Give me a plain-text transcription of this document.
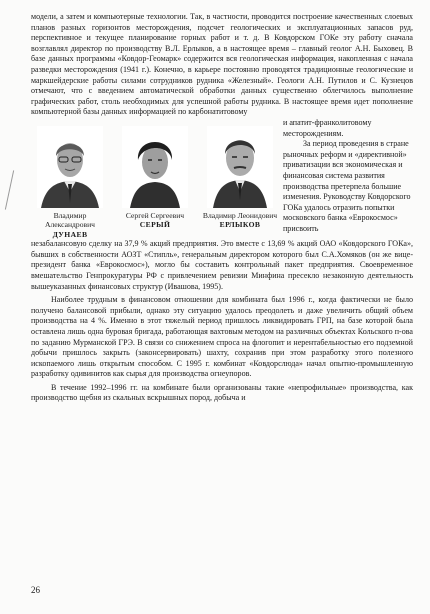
модели, а затем и компьютерные технологии. Так, в частности, проводится построение качественных слоевых планов разных горизонтов месторождения, подсчет геологических и эксплуатационных запасов руд, перспективное и текущее планирование горных работ и т. д. В Ковдорском ГОКе эту работу сначала возглавлял директор по производству В.Л. Ерлыков, а в настоящее время – главный геолог А.Н. Быховец. В базе данных программы «Ковдор-Геомарк» содержится вся геологическая информация, накопленная с начала разведки месторождения (1941 г.). Конечно, в карьере постоянно проводятся традиционные геологические и маркшейдерские работы силами сотрудников рудника «Железный». Геологи А.Н. Путилов и С. Кузнецов отмечают, что с введением автоматической обработки данных существенно облегчилось выполнение графических работ, столь необходимых для успешной работы рудника. В настоящее время идет пополнение компьютерной базы данных информацией по карбонатитовому

Владимир Александрович
ДУНАЕВ
Сергей Сергеевич
СЕРЫЙ
Владимир Леонидович
ЕРЛЫКОВ

и апатит-франколитовому месторождениям.

За период проведения в стране рыночных реформ и «директивной» приватизации вся экономическая и финансовая система развития производства претерпела большие изменения. Руководству Ковдорского ГОКа удалось отразить попытки московского банка «Еврокосмос» присвоить

незабалансовую сделку на 37,9 % акций предприятия. Это вместе с 13,69 % акций ОАО «Ковдорского ГОКа», бывших в собственности АОЗТ «Стипль», генеральным директором которого был С.А.Хомяков (он же вице-президент банка «Еврокосмос»), могло бы составить контрольный пакет предприятия. Своевременное вмешательство Генпрокуратуры РФ с привлечением ревизии Минфина пресекло незаконную деятельность вышеуказанных финансовых структур (Ивашова, 1995).

Наиболее трудным в финансовом отношении для комбината был 1996 г., когда фактически не было получено балансовой прибыли, однако эту ситуацию удалось преодолеть и даже увеличить общий объем производства на 4 %. Именно в этот тяжелый период пришлось ликвидировать ГРП, на базе которой была оставлена лишь одна буровая бригада, работающая вахтовым методом на различных объектах Кольского п-ова по заданию Мурманской ГРЭ. В связи со снижением спроса на флогопит и нерентабельностью его подземной добычи пришлось закрыть (законсервировать) шахту, сохранив при этом разработку этого полезного ископаемого лишь открытым способом. С 1995 г. комбинат «Ковдорслюда» начал опытно-промышленную разработку одивинитов как сырья для производства огнеупоров.

В течение 1992–1996 гг. на комбинате были организованы такие «непрофильные» производства, как производство щебня из скальных вскрышных пород, добыча и

26
